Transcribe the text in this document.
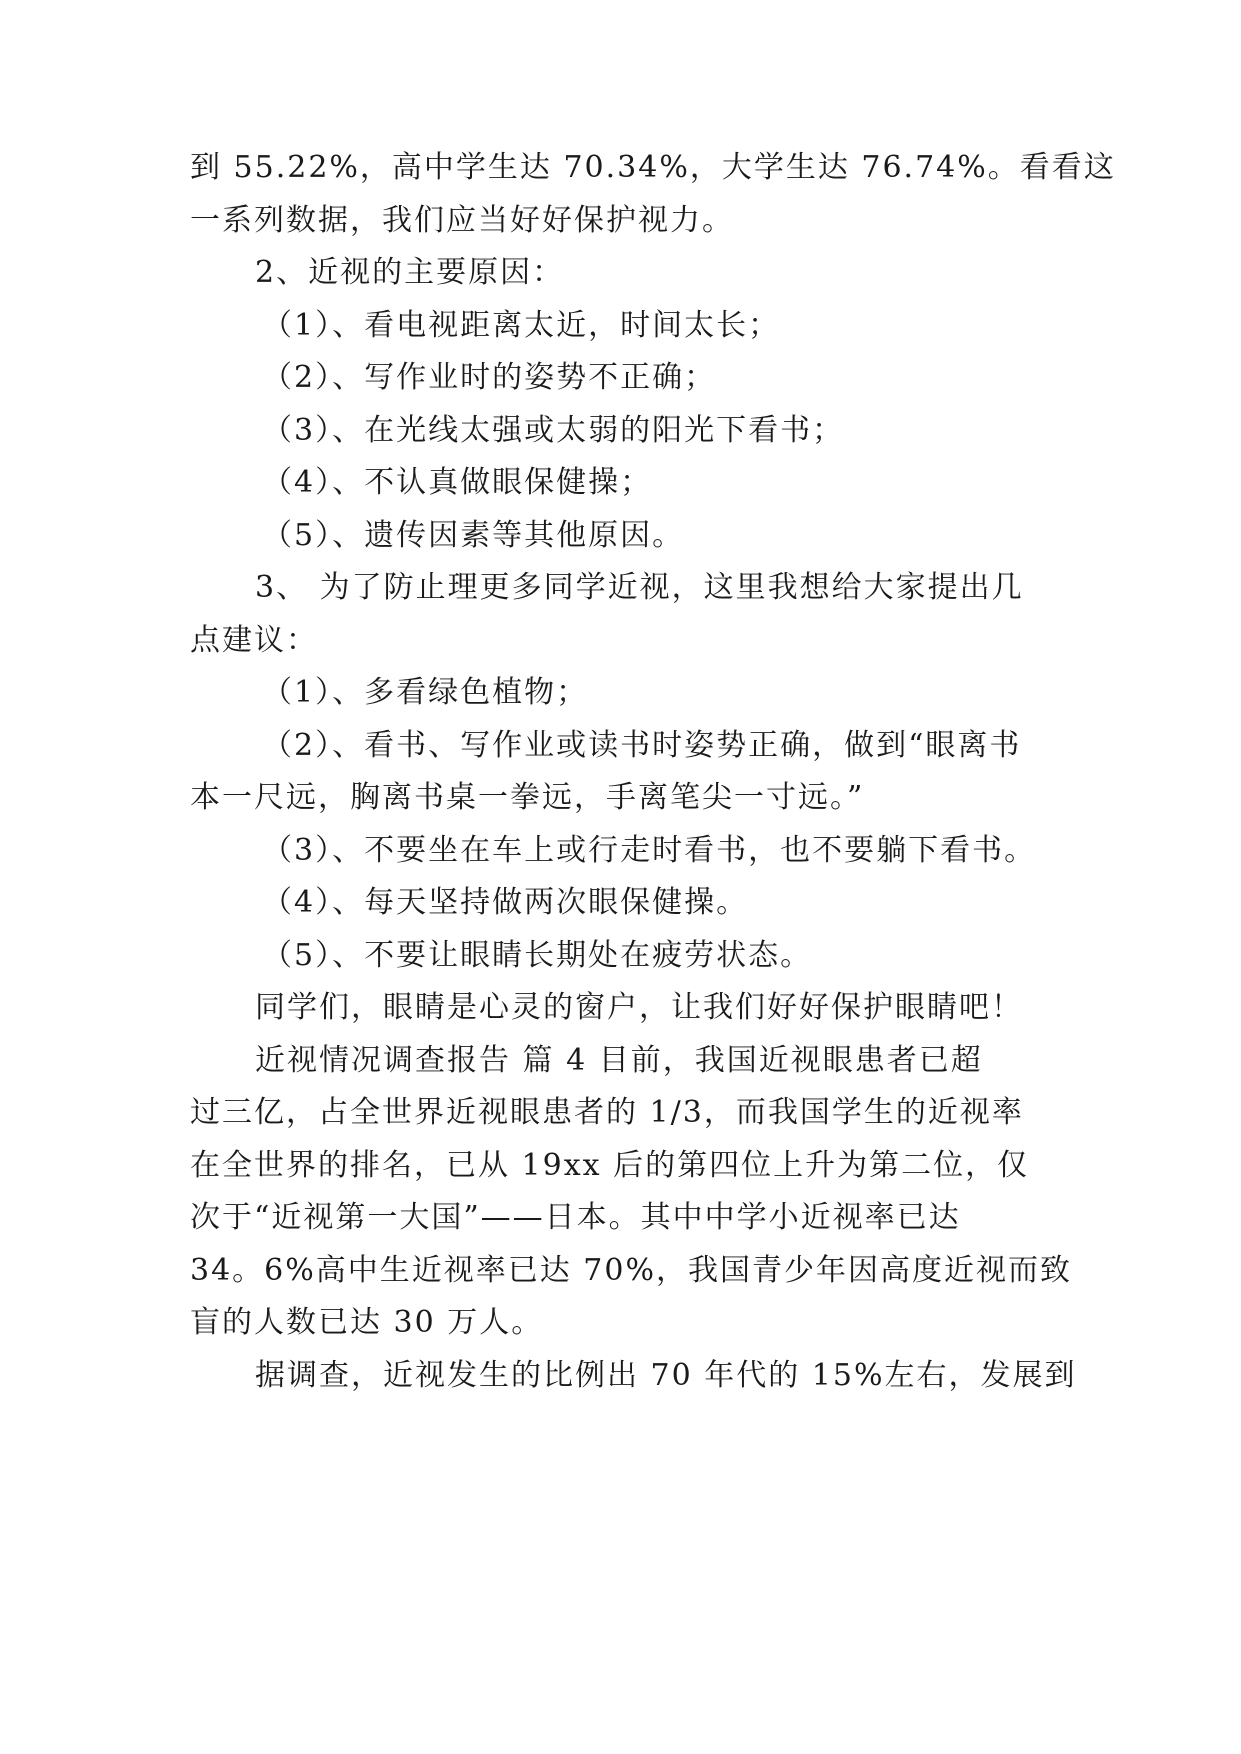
到 55.22%，高中学生达 70.34%，大学生达 76.74%。看看这
一系列数据，我们应当好好保护视力。
2、近视的主要原因：
（1）、看电视距离太近，时间太长；
（2）、写作业时的姿势不正确；
（3）、在光线太强或太弱的阳光下看书；
（4）、不认真做眼保健操；
（5）、遗传因素等其他原因。
3、 为了防止理更多同学近视，这里我想给大家提出几
点建议：
（1）、多看绿色植物；
（2）、看书、写作业或读书时姿势正确，做到“眼离书
本一尺远，胸离书桌一拳远，手离笔尖一寸远。”
（3）、不要坐在车上或行走时看书，也不要躺下看书。
（4）、每天坚持做两次眼保健操。
（5）、不要让眼睛长期处在疲劳状态。
同学们，眼睛是心灵的窗户，让我们好好保护眼睛吧！
近视情况调查报告 篇 4 目前，我国近视眼患者已超
过三亿，占全世界近视眼患者的 1/3，而我国学生的近视率
在全世界的排名，已从 19xx 后的第四位上升为第二位，仅
次于“近视第一大国”——日本。其中中学小近视率已达
34。6%高中生近视率已达 70%，我国青少年因高度近视而致
盲的人数已达 30 万人。
据调查，近视发生的比例出 70 年代的 15%左右，发展到
